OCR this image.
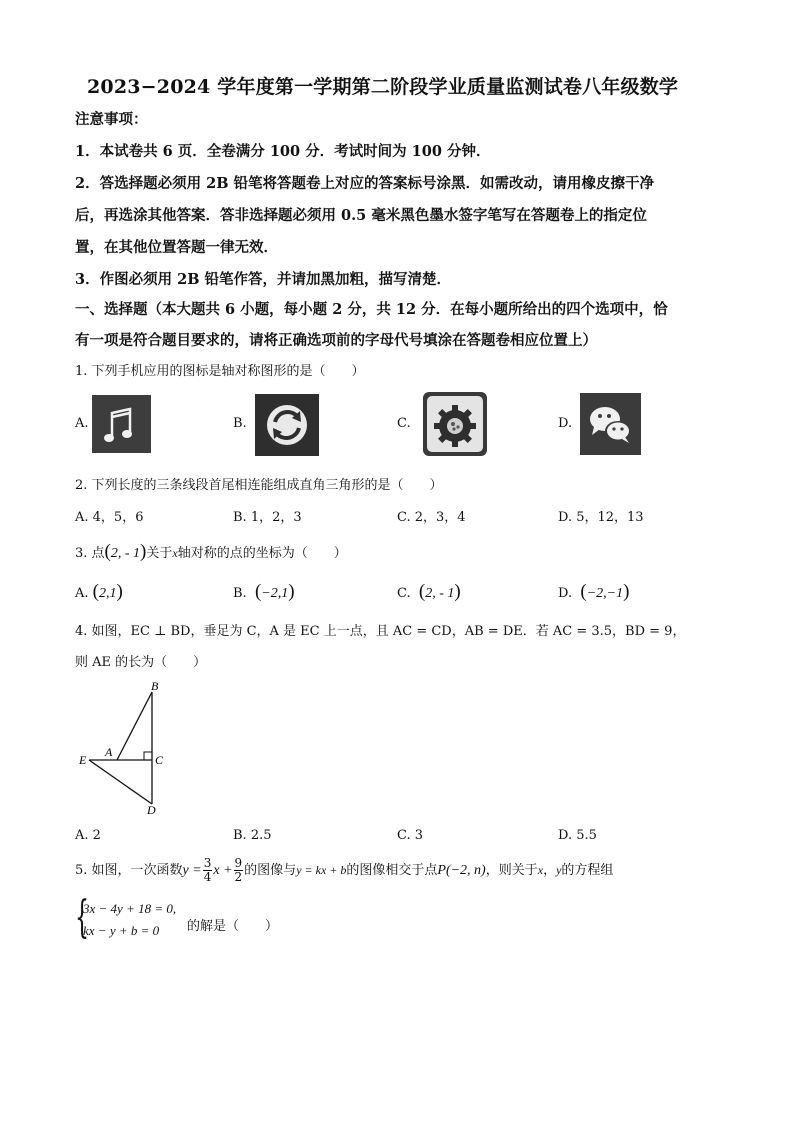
2023−2024 学年度第一学期第二阶段学业质量监测试卷八年级数学
注意事项：
1．本试卷共 6 页．全卷满分 100 分．考试时间为 100 分钟．
2．答选择题必须用 2B 铅笔将答题卷上对应的答案标号涂黑．如需改动，请用橡皮擦干净
后，再选涂其他答案．答非选择题必须用 0.5 毫米黑色墨水签字笔写在答题卷上的指定位
置，在其他位置答题一律无效．
3．作图必须用 2B 铅笔作答，并请加黑加粗，描写清楚．
一、选择题（本大题共 6 小题，每小题 2 分，共 12 分．在每小题所给出的四个选项中，恰
有一项是符合题目要求的，请将正确选项前的字母代号填涂在答题卷相应位置上）
1. 下列手机应用的图标是轴对称图形的是（　　）
A.	B.	C.	D.
2. 下列长度的三条线段首尾相连能组成直角三角形的是（　　）
A. 4，5，6	B. 1，2，3	C. 2，3，4	D. 5，12，13
3. 点(2, - 1)关于x轴对称的点的坐标为（　　）
A. (2,1)	B. (−2,1)	C. (2, - 1)	D. (−2,−1)
4. 如图，EC ⊥ BD，垂足为 C，A 是 EC 上一点，且 AC = CD，AB = DE．若 AC = 3.5，BD = 9，
则 AE 的长为（　　）
B
A
E	C
D
A. 2	B. 2.5	C. 3	D. 5.5
5. 如图，一次函数$y = \frac{3}{4}$ $x + \frac{9}{2}$ 的图像与y = kx + b的图像相交于点P(−2, n)，则关于x，y的方程组
{
3x − 4y + 18 = 0,
kx − y + b = 0 的解是（　　）
